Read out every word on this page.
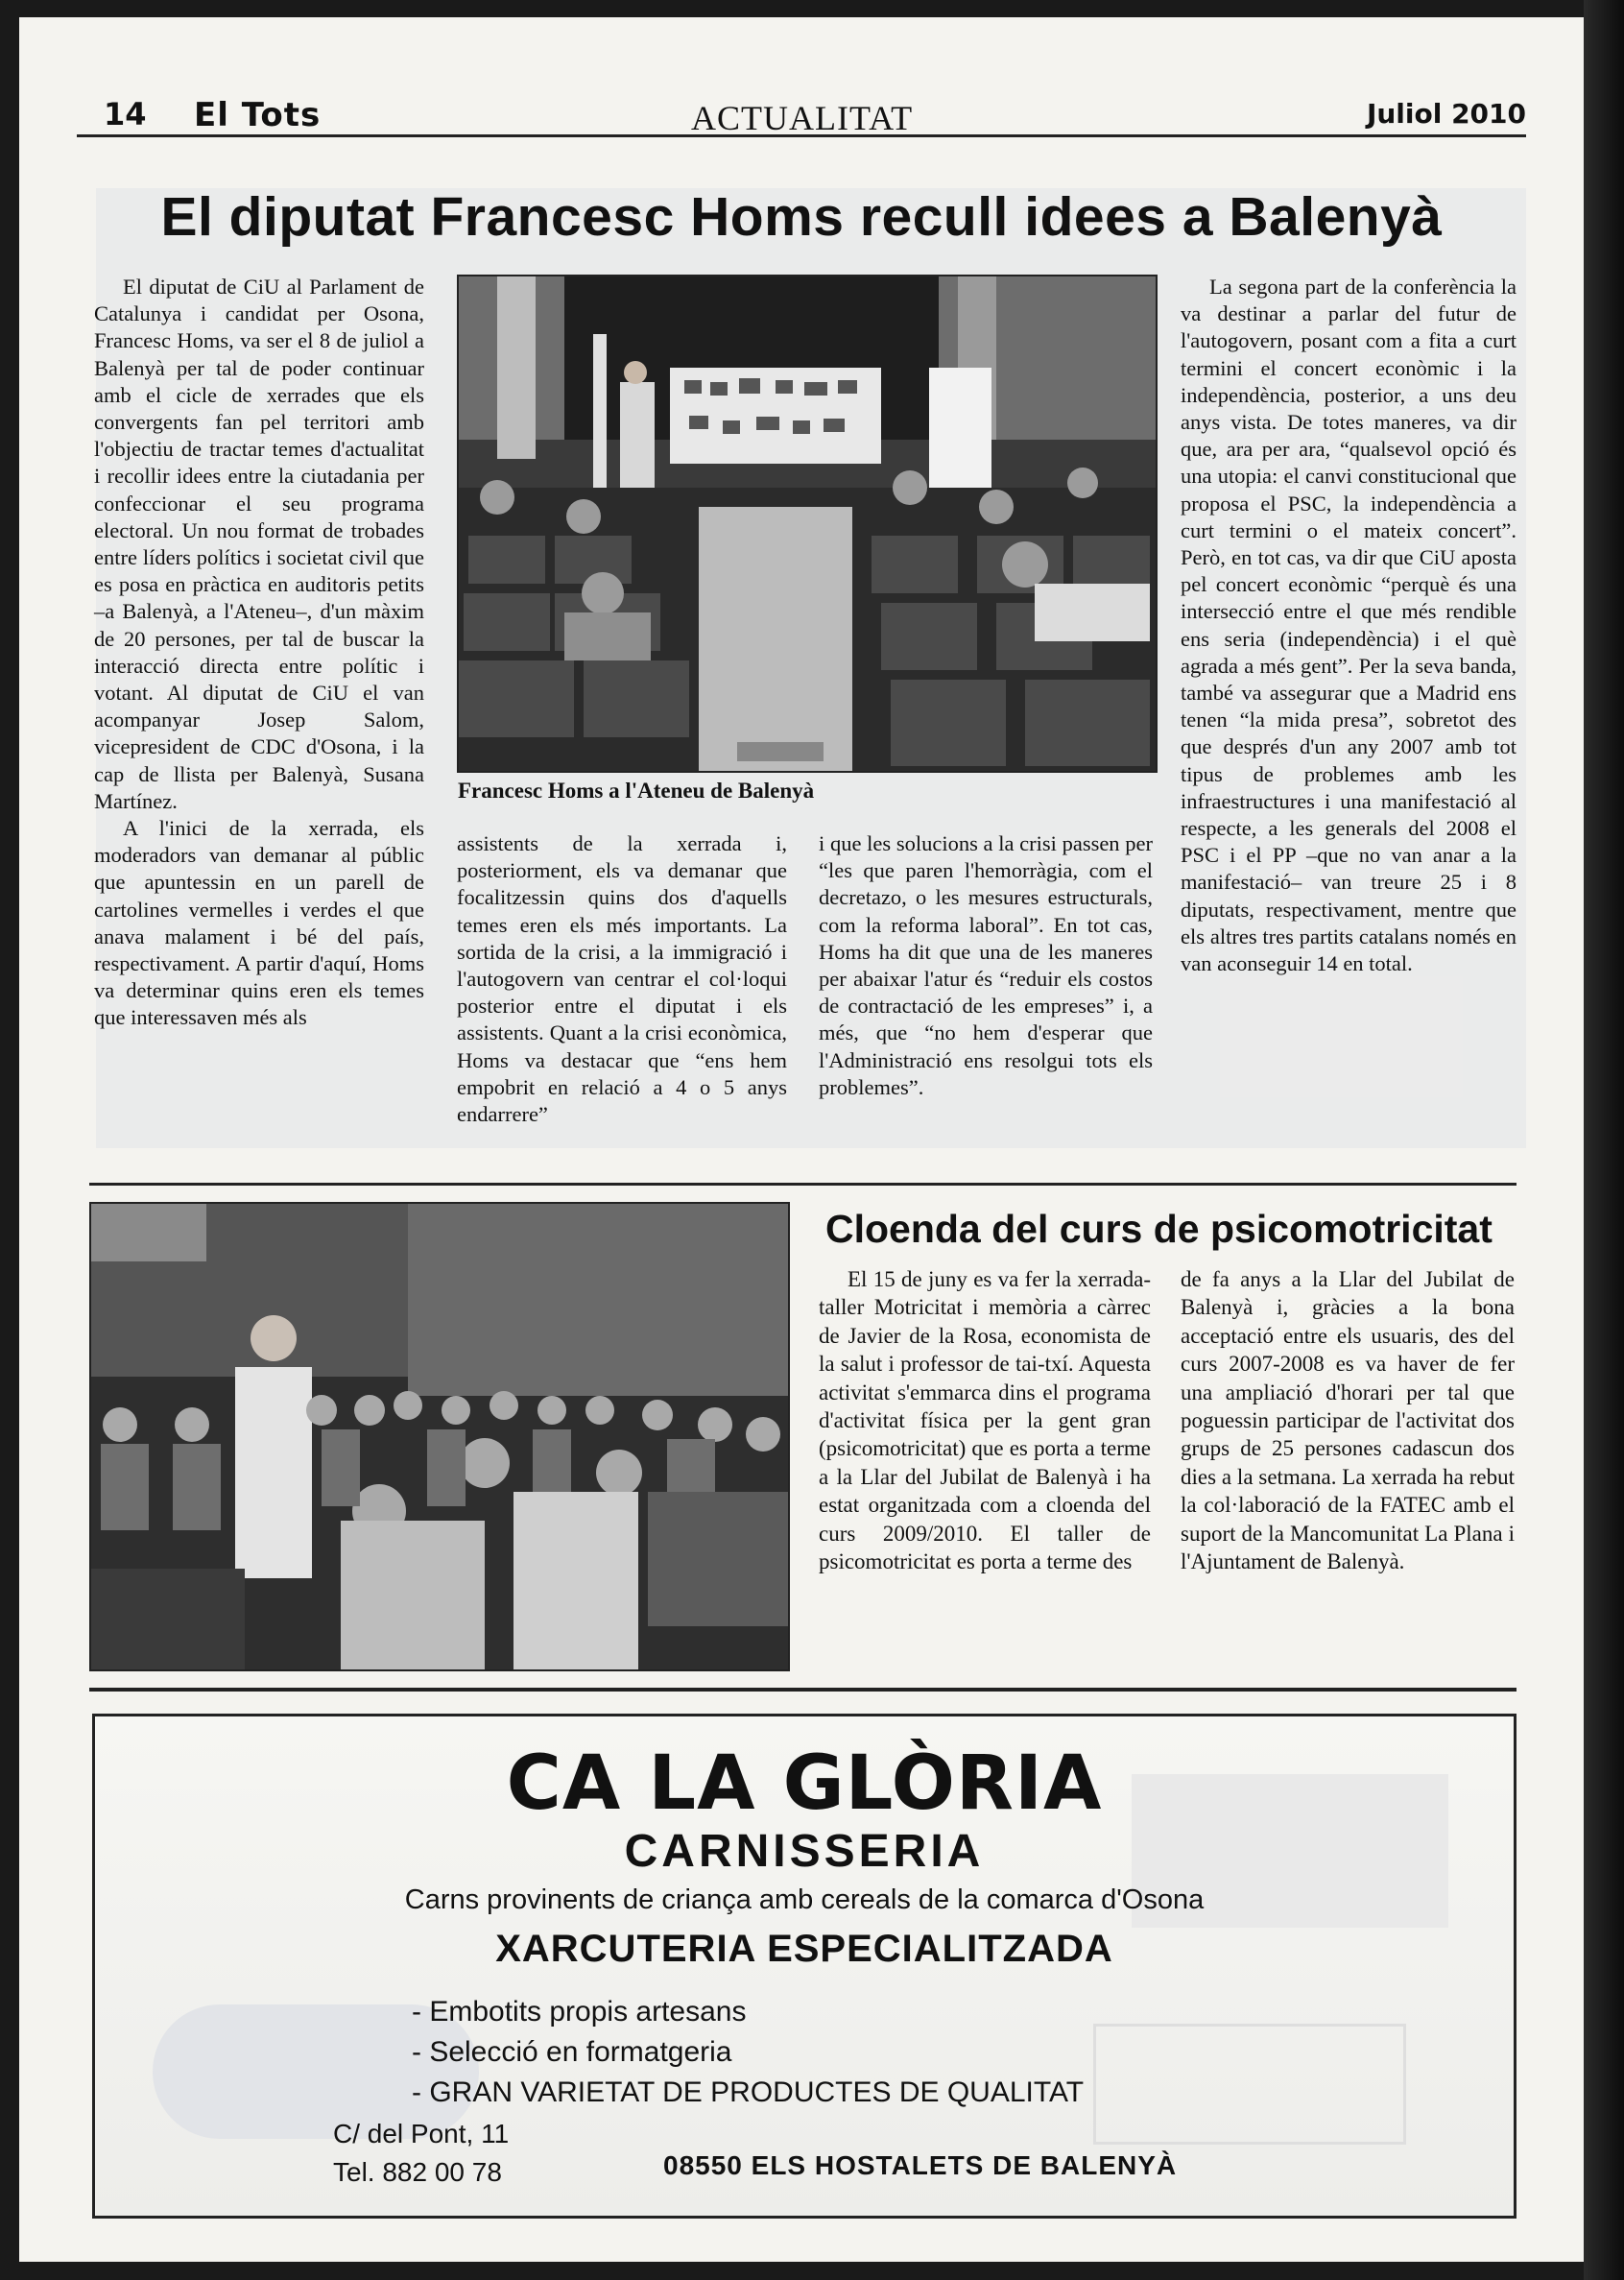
14 El Tots	ACTUALITAT	Juliol 2010
El diputat Francesc Homs recull idees a Balenyà

El diputat de CiU al Parlament de Catalunya i candidat per Osona, Francesc Homs, va ser el 8 de juliol a Balenyà per tal de poder continuar amb el cicle de xerrades que els convergents fan pel territori amb l'objectiu de tractar temes d'actualitat i recollir idees entre la ciutadania per confeccionar el seu programa electoral. Un nou format de trobades entre líders polítics i societat civil que es posa en pràctica en auditoris petits –a Balenyà, a l'Ateneu–, d'un màxim de 20 persones, per tal de buscar la interacció directa entre polític i votant. Al diputat de CiU el van acompanyar Josep Salom, vicepresident de CDC d'Osona, i la cap de llista per Balenyà, Susana Martínez.

A l'inici de la xerrada, els moderadors van demanar al públic que apuntessin en un parell de cartolines vermelles i verdes el que anava malament i bé del país, respectivament. A partir d'aquí, Homs va determinar quins eren els temes que interessaven més als

Francesc Homs a l'Ateneu de Balenyà

assistents de la xerrada i, posteriorment, els va demanar que focalitzessin quins dos d'aquells temes eren els més importants. La sortida de la crisi, a la immigració i l'autogovern van centrar el col·loqui posterior entre el diputat i els assistents. Quant a la crisi econòmica, Homs va destacar que “ens hem empobrit en relació a 4 o 5 anys endarrere”

i que les solucions a la crisi passen per “les que paren l'hemorràgia, com el decretazo, o les mesures estructurals, com la reforma laboral”. En tot cas, Homs ha dit que una de les maneres per abaixar l'atur és “reduir els costos de contractació de les empreses” i, a més, que “no hem d'esperar que l'Administració ens resolgui tots els problemes”.

La segona part de la conferència la va destinar a parlar del futur de l'autogovern, posant com a fita a curt termini el concert econòmic i la independència, posterior, a uns deu anys vista. De totes maneres, va dir que, ara per ara, “qualsevol opció és una utopia: el canvi constitucional que proposa el PSC, la independència a curt termini o el mateix concert”. Però, en tot cas, va dir que CiU aposta pel concert econòmic “perquè és una intersecció entre el que més rendible ens seria (independència) i el què agrada a més gent”. Per la seva banda, també va assegurar que a Madrid ens tenen “la mida presa”, sobretot des que després d'un any 2007 amb tot tipus de problemes amb les infraestructures i una manifestació al respecte, a les generals del 2008 el PSC i el PP –que no van anar a la manifestació– van treure 25 i 8 diputats, respectivament, mentre que els altres tres partits catalans només en van aconseguir 14 en total.

Cloenda del curs de psicomotricitat

El 15 de juny es va fer la xerrada-taller Motricitat i memòria a càrrec de Javier de la Rosa, economista de la salut i professor de tai-txí. Aquesta activitat s'emmarca dins el programa d'activitat física per la gent gran (psicomotricitat) que es porta a terme a la Llar del Jubilat de Balenyà i ha estat organitzada com a cloenda del curs 2009/2010. El taller de psicomotricitat es porta a terme des

de fa anys a la Llar del Jubilat de Balenyà i, gràcies a la bona acceptació entre els usuaris, des del curs 2007-2008 es va haver de fer una ampliació d'horari per tal que poguessin participar de l'activitat dos grups de 25 persones cadascun dos dies a la setmana. La xerrada ha rebut la col·laboració de la FATEC amb el suport de la Mancomunitat La Plana i l'Ajuntament de Balenyà.

CA LA GLÒRIA
CARNISSERIA
Carns provinents de criança amb cereals de la comarca d'Osona
XARCUTERIA ESPECIALITZADA
- Embotits propis artesans
- Selecció en formatgeria
- GRAN VARIETAT DE PRODUCTES DE QUALITAT
C/ del Pont, 11
Tel. 882 00 78	08550 ELS HOSTALETS DE BALENYÀ
